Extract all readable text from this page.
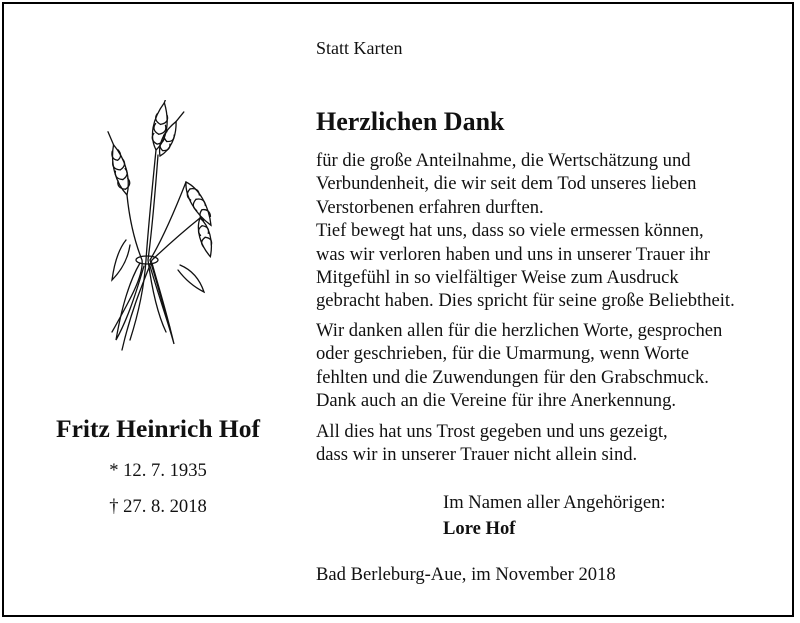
Statt Karten
Fritz Heinrich Hof
* 12. 7. 1935
† 27. 8. 2018
Herzlichen Dank
für die große Anteilnahme, die Wertschätzung und
Verbundenheit, die wir seit dem Tod unseres lieben
Verstorbenen erfahren durften.
Tief bewegt hat uns, dass so viele ermessen können,
was wir verloren haben und uns in unserer Trauer ihr
Mitgefühl in so vielfältiger Weise zum Ausdruck
gebracht haben. Dies spricht für seine große Beliebtheit.
Wir danken allen für die herzlichen Worte, gesprochen
oder geschrieben, für die Umarmung, wenn Worte
fehlten und die Zuwendungen für den Grabschmuck.
Dank auch an die Vereine für ihre Anerkennung.
All dies hat uns Trost gegeben und uns gezeigt,
dass wir in unserer Trauer nicht allein sind.
Im Namen aller Angehörigen:
Lore Hof
Bad Berleburg-Aue, im November 2018
